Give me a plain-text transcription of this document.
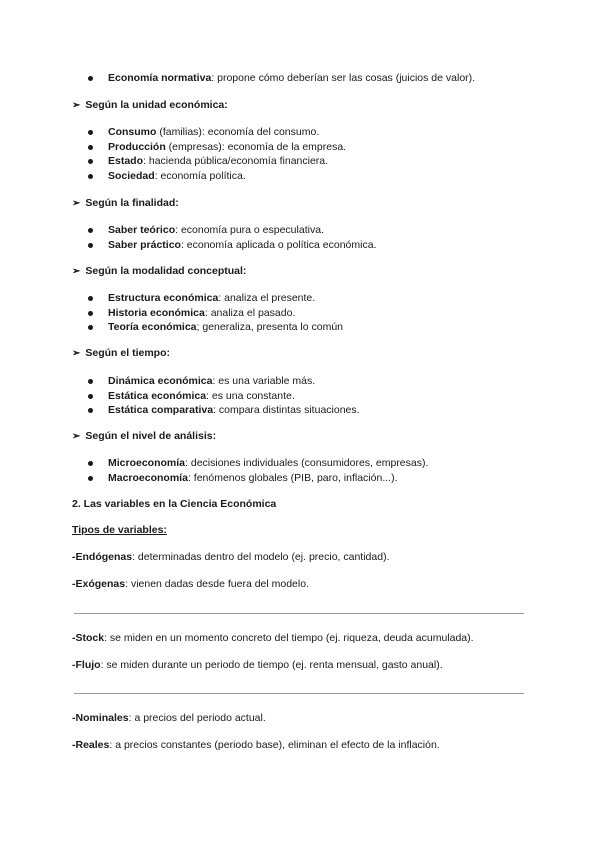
Economía normativa: propone cómo deberían ser las cosas (juicios de valor).
➢ Según la unidad económica:
Consumo (familias): economía del consumo.
Producción (empresas): economía de la empresa.
Estado: hacienda pública/economía financiera.
Sociedad: economía política.
➢ Según la finalidad:
Saber teórico: economía pura o especulativa.
Saber práctico: economía aplicada o política económica.
➢ Según la modalidad conceptual:
Estructura económica: analiza el presente.
Historia económica: analiza el pasado.
Teoría económica; generaliza, presenta lo común
➢ Según el tiempo:
Dinámica económica: es una variable más.
Estática económica: es una constante.
Estática comparativa: compara distintas situaciones.
➢ Según el nivel de análisis:
Microeconomía: decisiones individuales (consumidores, empresas).
Macroeconomía: fenómenos globales (PIB, paro, inflación...).
2. Las variables en la Ciencia Económica
Tipos de variables:
-Endógenas: determinadas dentro del modelo (ej. precio, cantidad).
-Exógenas: vienen dadas desde fuera del modelo.
-Stock: se miden en un momento concreto del tiempo (ej. riqueza, deuda acumulada).
-Flujo: se miden durante un periodo de tiempo (ej. renta mensual, gasto anual).
-Nominales: a precios del periodo actual.
-Reales: a precios constantes (periodo base), eliminan el efecto de la inflación.
